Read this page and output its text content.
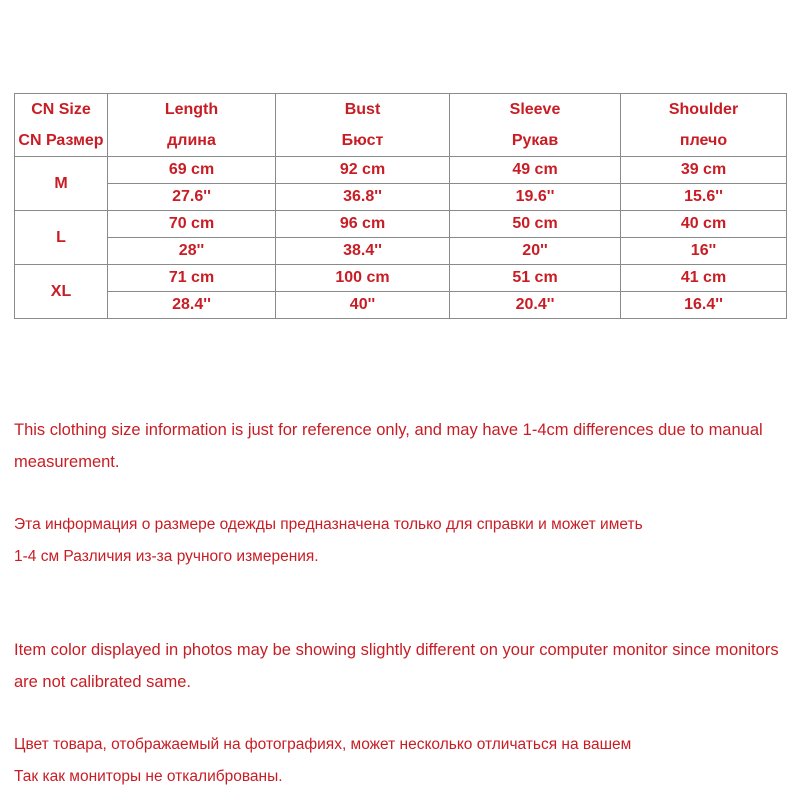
CN Size	Length	Bust	Sleeve	Shoulder
CN Размер	длина	Бюст	Рукав	плечо
M	69 cm	92 cm	49 cm	39 cm
	27.6''	36.8''	19.6''	15.6''
L	70 cm	96 cm	50 cm	40 cm
	28''	38.4''	20''	16''
XL	71 cm	100 cm	51 cm	41 cm
	28.4''	40''	20.4''	16.4''

This clothing size information is just for reference only, and may have 1-4cm differences due to manual measurement.

Эта информация о размере одежды предназначена только для справки и может иметь
1-4 см Различия из-за ручного измерения.

Item color displayed in photos may be showing slightly different on your computer monitor since monitors are not calibrated same.

Цвет товара, отображаемый на фотографиях, может несколько отличаться на вашем
Так как мониторы не откалиброваны.
